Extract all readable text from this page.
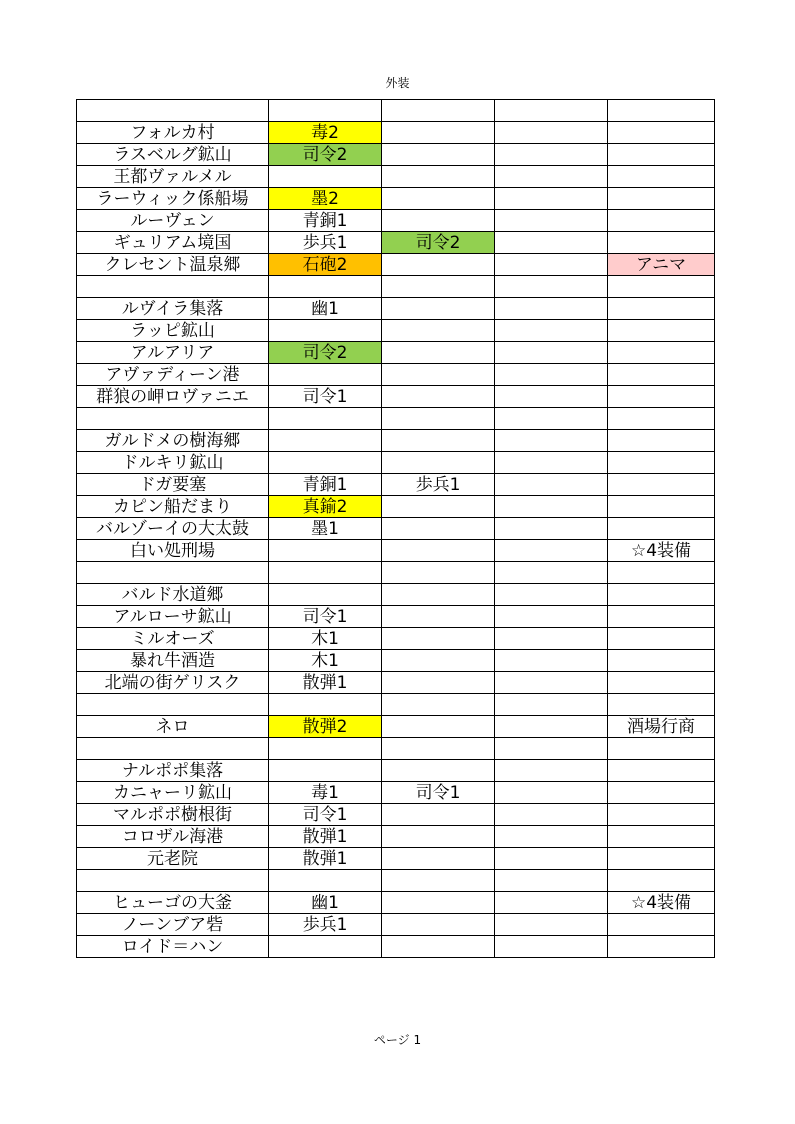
外装

フォルカ村	毒2			
ラスベルグ鉱山	司令2			
王都ヴァルメル				
ラーウィック係船場	墨2			
ルーヴェン	青銅1			
ギュリアム境国	歩兵1	司令2		
クレセント温泉郷	石砲2			アニマ

ルヴイラ集落	幽1			
ラッピ鉱山				
アルアリア	司令2			
アヴァディーン港				
群狼の岬ロヴァニエ	司令1			

ガルドメの樹海郷				
ドルキリ鉱山				
ドガ要塞	青銅1	歩兵1		
カピン船だまり	真鍮2			
バルゾーイの大太鼓	墨1			
白い処刑場				☆4装備

バルド水道郷				
アルローサ鉱山	司令1			
ミルオーズ	木1			
暴れ牛酒造	木1			
北端の街ゲリスク	散弾1			

ネロ	散弾2			酒場行商

ナルポポ集落				
カニャーリ鉱山	毒1	司令1		
マルポポ樹根街	司令1			
コロザル海港	散弾1			
元老院	散弾1			

ヒューゴの大釜	幽1			☆4装備
ノーンブア砦	歩兵1			
ロイド＝ハン				
ページ 1
